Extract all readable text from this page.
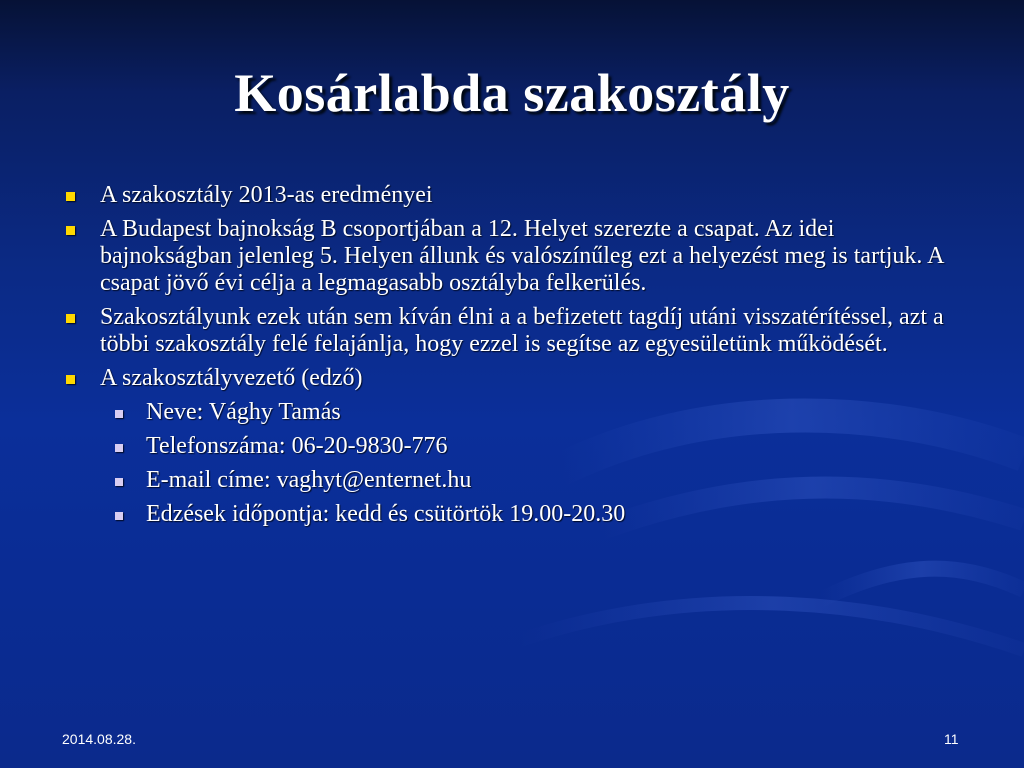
Kosárlabda szakosztály
A szakosztály 2013-as eredményei
A Budapest bajnokság B csoportjában a 12. Helyet szerezte a csapat. Az idei bajnokságban jelenleg 5. Helyen állunk és valószínűleg ezt a helyezést meg is tartjuk. A csapat jövő évi célja a legmagasabb osztályba felkerülés.
Szakosztályunk ezek után sem kíván élni a a befizetett tagdíj utáni visszatérítéssel, azt a többi szakosztály felé felajánlja, hogy ezzel is segítse az egyesületünk működését.
A szakosztályvezető (edző)
Neve: Vághy Tamás
Telefonszáma: 06-20-9830-776
E-mail címe: vaghyt@enternet.hu
Edzések időpontja: kedd és csütörtök 19.00-20.30
2014.08.28.	11
